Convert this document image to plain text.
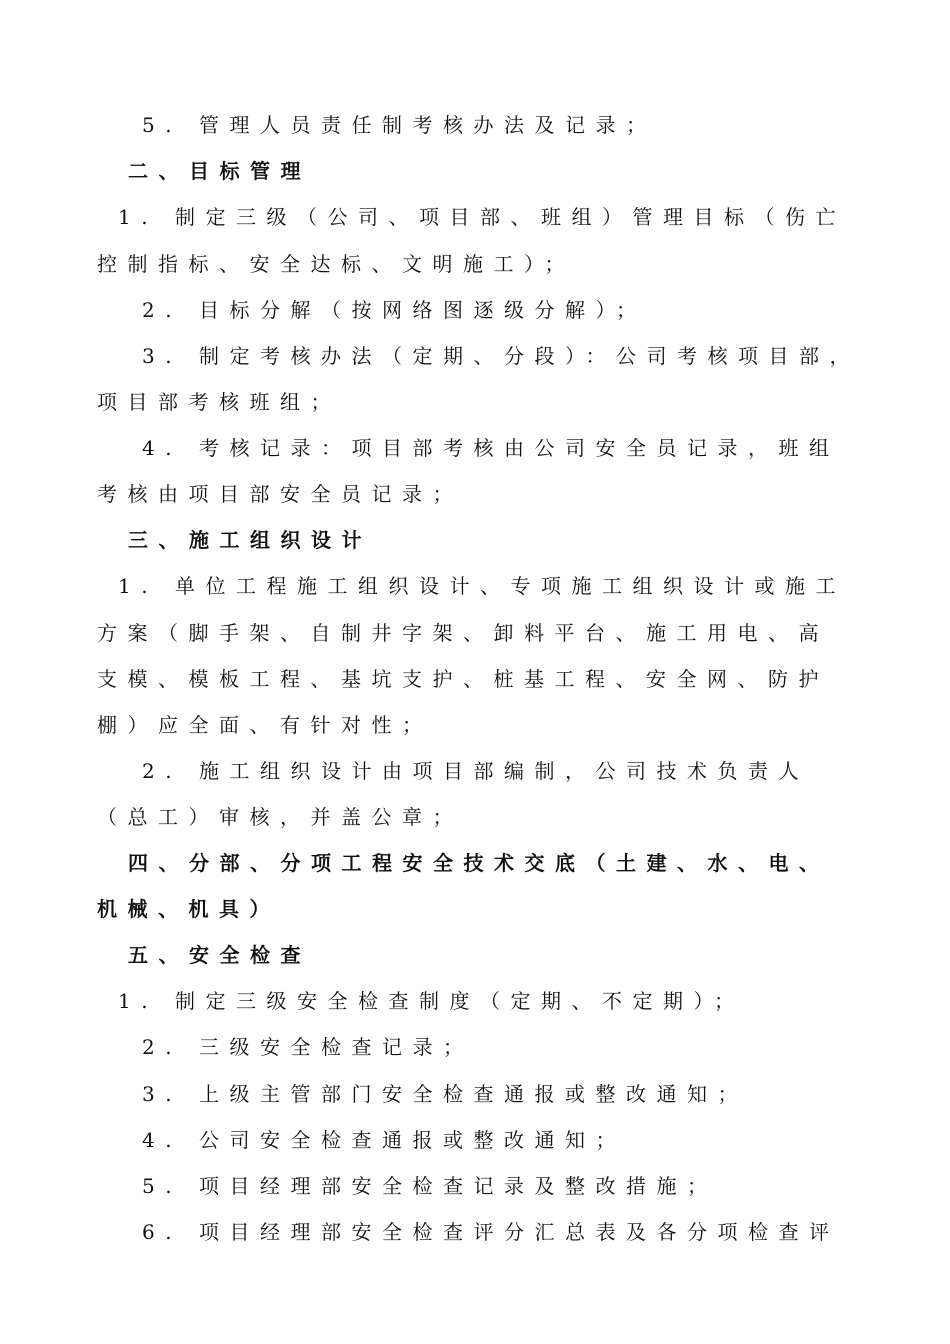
5. 管理人员责任制考核办法及记录；
二、目标管理
1. 制定三级（公司、项目部、班组）管理目标（伤亡
控制指标、安全达标、文明施工）；
2. 目标分解（按网络图逐级分解）；
3. 制定考核办法（定期、分段）：公司考核项目部，
项目部考核班组；
4. 考核记录：项目部考核由公司安全员记录，班组
考核由项目部安全员记录；
三、施工组织设计
1. 单位工程施工组织设计、专项施工组织设计或施工
方案（脚手架、自制井字架、卸料平台、施工用电、高
支模、模板工程、基坑支护、桩基工程、安全网、防护
棚）应全面、有针对性；
2. 施工组织设计由项目部编制，公司技术负责人
（总工）审核，并盖公章；
四、分部、分项工程安全技术交底（土建、水、电、
机械、机具）
五、安全检查
1. 制定三级安全检查制度（定期、不定期）；
2. 三级安全检查记录；
3. 上级主管部门安全检查通报或整改通知；
4. 公司安全检查通报或整改通知；
5. 项目经理部安全检查记录及整改措施；
6. 项目经理部安全检查评分汇总表及各分项检查评
